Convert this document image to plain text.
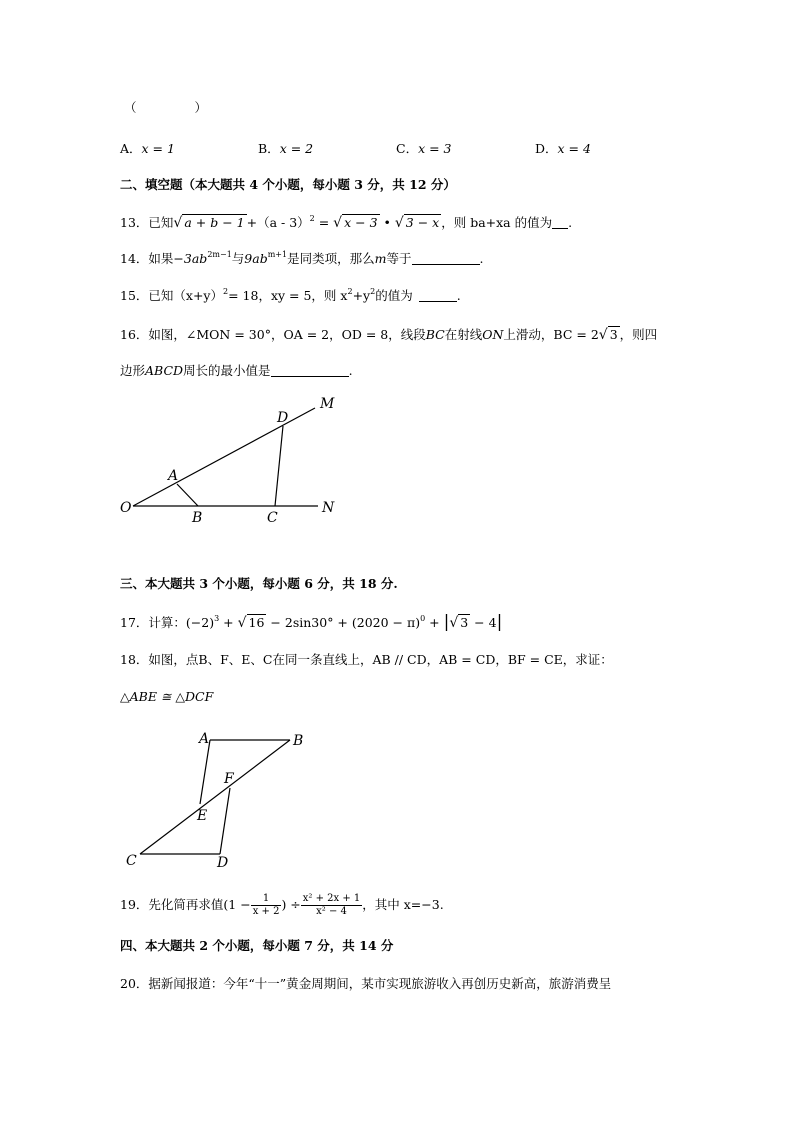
（	）
A．x = 1	B．x = 2	C．x = 3	D．x = 4
二、填空题（本大题共 4 个小题，每小题 3 分，共 12 分）
13．已知√ a + b − 1 +（a - 3）$^2$ = √ x − 3 • √ 3 − x ，则 ba+xa 的值为 .
14．如果$-3ab^{2m-1}$与$9ab^{m+1}$是同类项，那么m等于	.
15．已知$(x+y)^2= 18$，xy = 5，则 $x^2+y^2$的值为	.
16．如图，∠MON = 30°，OA = 2，OD = 8，线段BC在射线ON上滑动，BC = 2√ 3 ，则四
边形ABCD周长的最小值是	.
O
A
B	C
D
M
N
三、本大题共 3 个小题，每小题 6 分，共 18 分.
17．计算：$(-2)^3$ + √ $16 - 2\sin 30^\circ + (2020 - \pi)^0$ + |√ 3 − 4|
18．如图，点B、F、E、C在同一条直线上，AB // CD，AB = CD，BF = CE，求证：
△ABE ≅ △DCF
A	B
C	D
E
F
19．先化简再求值($1 - \frac{1}{x + 2}$ ) ÷ $\frac{\text{x² + 2x + 1}}{\text{x² − 4}}$ ，其中 x=−3.
四、本大题共 2 个小题，每小题 7 分，共 14 分
20．据新闻报道：今年“十一”黄金周期间，某市实现旅游收入再创历史新高，旅游消费呈
